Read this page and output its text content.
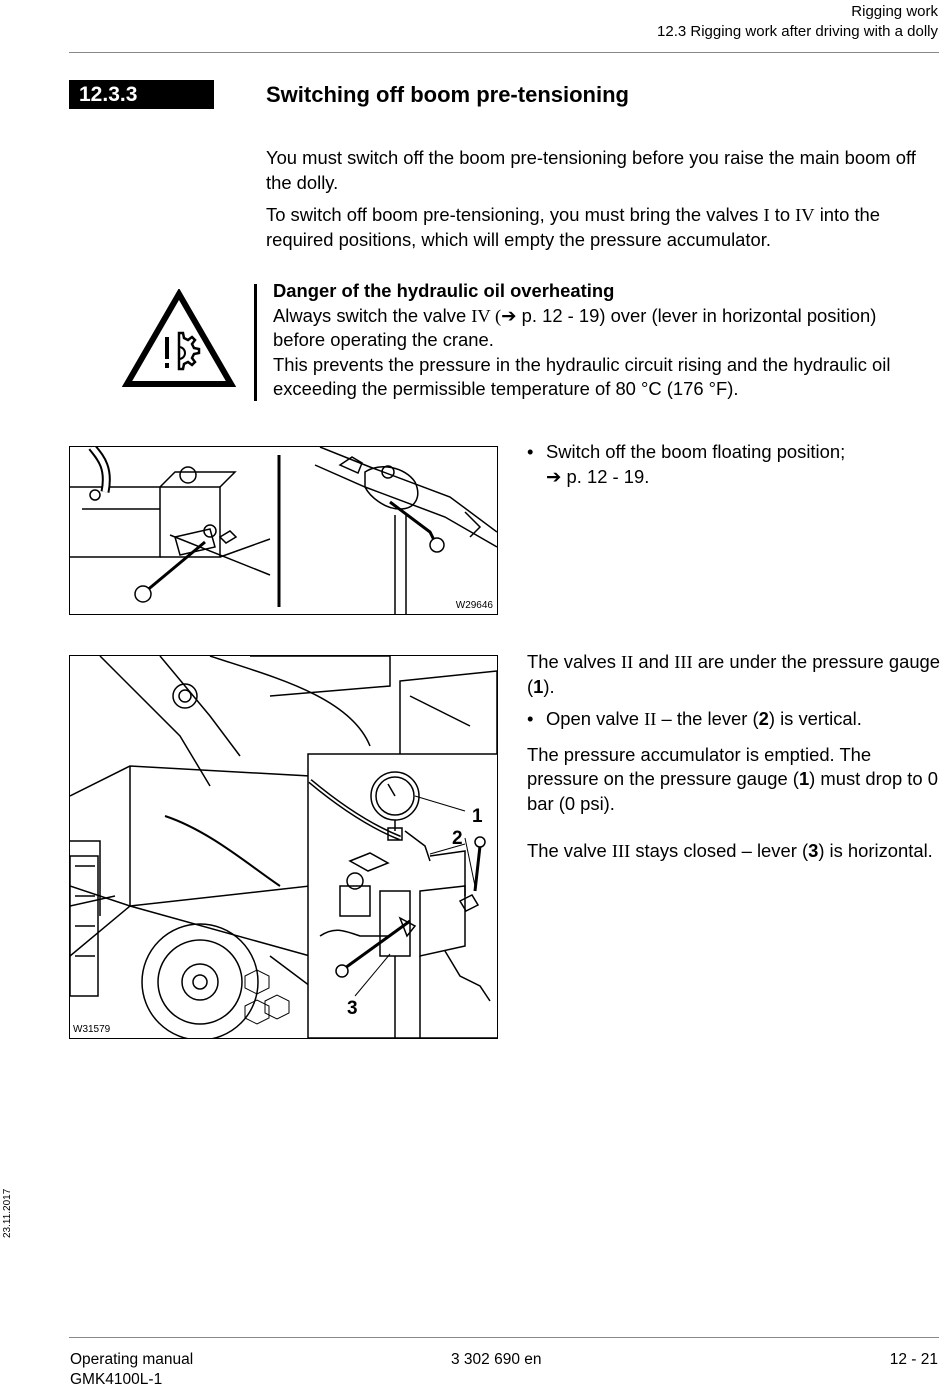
Rigging work
12.3 Rigging work after driving with a dolly
12.3.3	Switching off boom pre-tensioning
You must switch off the boom pre-tensioning before you raise the main boom off the dolly.
To switch off boom pre-tensioning, you must bring the valves I to IV into the required positions, which will empty the pressure accumulator.
Danger of the hydraulic oil overheating
Always switch the valve IV (➔ p. 12 - 19) over (lever in horizontal position)
before operating the crane.
This prevents the pressure in the hydraulic circuit rising and the hydraulic oil exceeding the permissible temperature of 80 °C (176 °F).
W29646
• Switch off the boom floating position;
➔ p. 12 - 19.
1
2
3
W31579
The valves II and III are under the pressure gauge (1).
• Open valve II – the lever (2) is vertical.
The pressure accumulator is emptied. The pressure on the pressure gauge (1) must drop to 0 bar (0 psi).
The valve III stays closed – lever (3) is horizontal.
23.11.2017
Operating manual
GMK4100L-1
3 302 690 en	12 - 21
